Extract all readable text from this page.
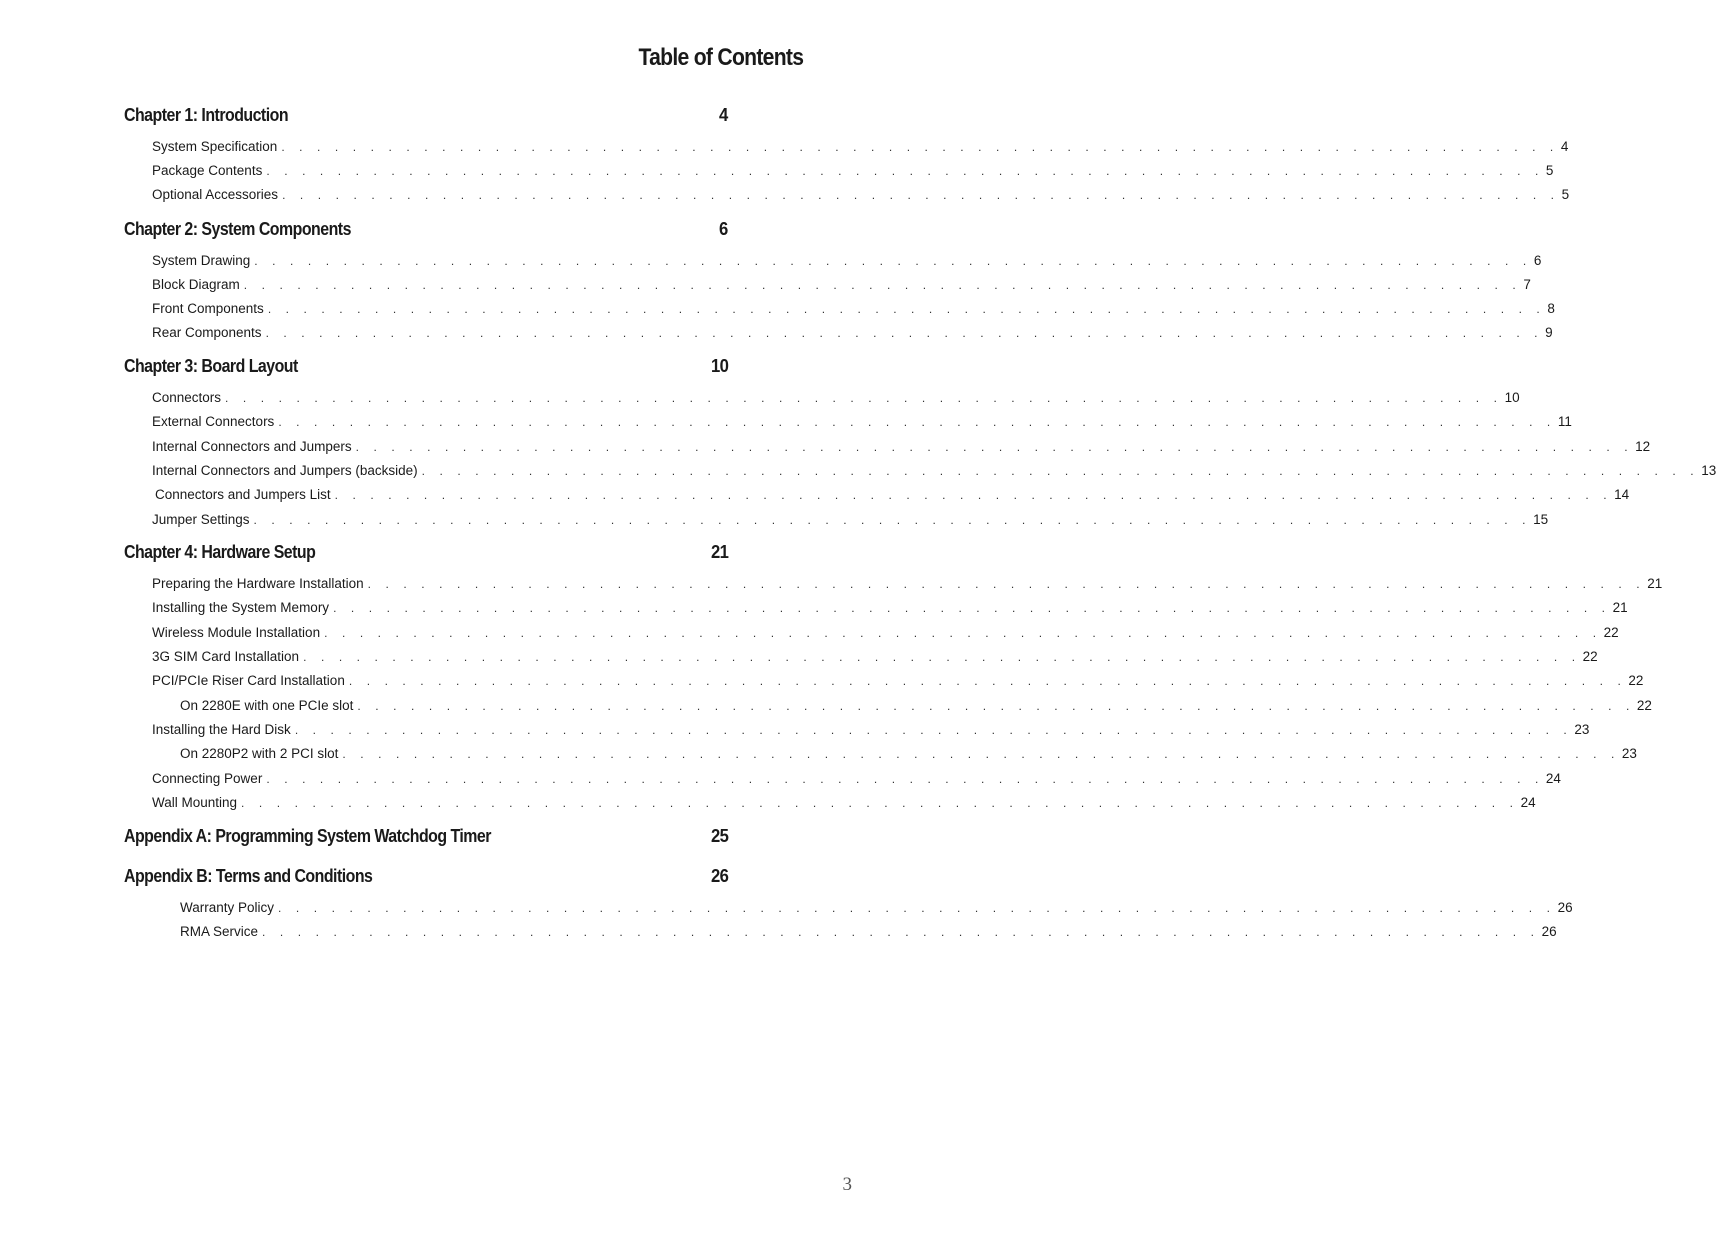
Table of Contents
Chapter 1: Introduction	4
System Specification . . . . . . . . . . . . . . . . . . . . . . . . . . . . . . . . . . . . . . . . . . . . . . . . . . . . . . . . . . . . . . . . . . . . . . . . 4
Package Contents . . . . . . . . . . . . . . . . . . . . . . . . . . . . . . . . . . . . . . . . . . . . . . . . . . . . . . . . . . . . . . . . . . . . . . . . 5
Optional Accessories . . . . . . . . . . . . . . . . . . . . . . . . . . . . . . . . . . . . . . . . . . . . . . . . . . . . . . . . . . . . . . . . . . . . . . . . 5
Chapter 2: System Components	6
System Drawing . . . . . . . . . . . . . . . . . . . . . . . . . . . . . . . . . . . . . . . . . . . . . . . . . . . . . . . . . . . . . . . . . . . . . . . . 6
Block Diagram . . . . . . . . . . . . . . . . . . . . . . . . . . . . . . . . . . . . . . . . . . . . . . . . . . . . . . . . . . . . . . . . . . . . . . . . 7
Front Components . . . . . . . . . . . . . . . . . . . . . . . . . . . . . . . . . . . . . . . . . . . . . . . . . . . . . . . . . . . . . . . . . . . . . . . . 8
Rear Components . . . . . . . . . . . . . . . . . . . . . . . . . . . . . . . . . . . . . . . . . . . . . . . . . . . . . . . . . . . . . . . . . . . . . . . . 9
Chapter 3: Board Layout	10
Connectors . . . . . . . . . . . . . . . . . . . . . . . . . . . . . . . . . . . . . . . . . . . . . . . . . . . . . . . . . . . . . . . . . . . . . . . . 10
External Connectors . . . . . . . . . . . . . . . . . . . . . . . . . . . . . . . . . . . . . . . . . . . . . . . . . . . . . . . . . . . . . . . . . . . . . . . . 11
Internal Connectors and Jumpers . . . . . . . . . . . . . . . . . . . . . . . . . . . . . . . . . . . . . . . . . . . . . . . . . . . . . . . . . . . . . . . . . . . . . . . . 12
Internal Connectors and Jumpers (backside) . . . . . . . . . . . . . . . . . . . . . . . . . . . . . . . . . . . . . . . . . . . . . . . . . . . . . . . . . . . . . . . . . . . . . . . . 13
Connectors and Jumpers List . . . . . . . . . . . . . . . . . . . . . . . . . . . . . . . . . . . . . . . . . . . . . . . . . . . . . . . . . . . . . . . . . . . . . . . . 14
Jumper Settings . . . . . . . . . . . . . . . . . . . . . . . . . . . . . . . . . . . . . . . . . . . . . . . . . . . . . . . . . . . . . . . . . . . . . . . . 15
Chapter 4: Hardware Setup	21
Preparing the Hardware Installation . . . . . . . . . . . . . . . . . . . . . . . . . . . . . . . . . . . . . . . . . . . . . . . . . . . . . . . . . . . . . . . . . . . . . . . . 21
Installing the System Memory . . . . . . . . . . . . . . . . . . . . . . . . . . . . . . . . . . . . . . . . . . . . . . . . . . . . . . . . . . . . . . . . . . . . . . . . 21
Wireless Module Installation . . . . . . . . . . . . . . . . . . . . . . . . . . . . . . . . . . . . . . . . . . . . . . . . . . . . . . . . . . . . . . . . . . . . . . . . 22
3G SIM Card Installation . . . . . . . . . . . . . . . . . . . . . . . . . . . . . . . . . . . . . . . . . . . . . . . . . . . . . . . . . . . . . . . . . . . . . . . . 22
PCI/PCIe Riser Card Installation . . . . . . . . . . . . . . . . . . . . . . . . . . . . . . . . . . . . . . . . . . . . . . . . . . . . . . . . . . . . . . . . . . . . . . . . 22
On 2280E with one PCIe slot . . . . . . . . . . . . . . . . . . . . . . . . . . . . . . . . . . . . . . . . . . . . . . . . . . . . . . . . . . . . . . . . . . . . . . . . 22
Installing the Hard Disk . . . . . . . . . . . . . . . . . . . . . . . . . . . . . . . . . . . . . . . . . . . . . . . . . . . . . . . . . . . . . . . . . . . . . . . . 23
On 2280P2 with 2 PCI slot . . . . . . . . . . . . . . . . . . . . . . . . . . . . . . . . . . . . . . . . . . . . . . . . . . . . . . . . . . . . . . . . . . . . . . . . 23
Connecting Power . . . . . . . . . . . . . . . . . . . . . . . . . . . . . . . . . . . . . . . . . . . . . . . . . . . . . . . . . . . . . . . . . . . . . . . . 24
Wall Mounting . . . . . . . . . . . . . . . . . . . . . . . . . . . . . . . . . . . . . . . . . . . . . . . . . . . . . . . . . . . . . . . . . . . . . . . . 24
Appendix A: Programming System Watchdog Timer	25
Appendix B: Terms and Conditions	26
Warranty Policy . . . . . . . . . . . . . . . . . . . . . . . . . . . . . . . . . . . . . . . . . . . . . . . . . . . . . . . . . . . . . . . . . . . . . . . . 26
RMA Service . . . . . . . . . . . . . . . . . . . . . . . . . . . . . . . . . . . . . . . . . . . . . . . . . . . . . . . . . . . . . . . . . . . . . . . . 26
3
